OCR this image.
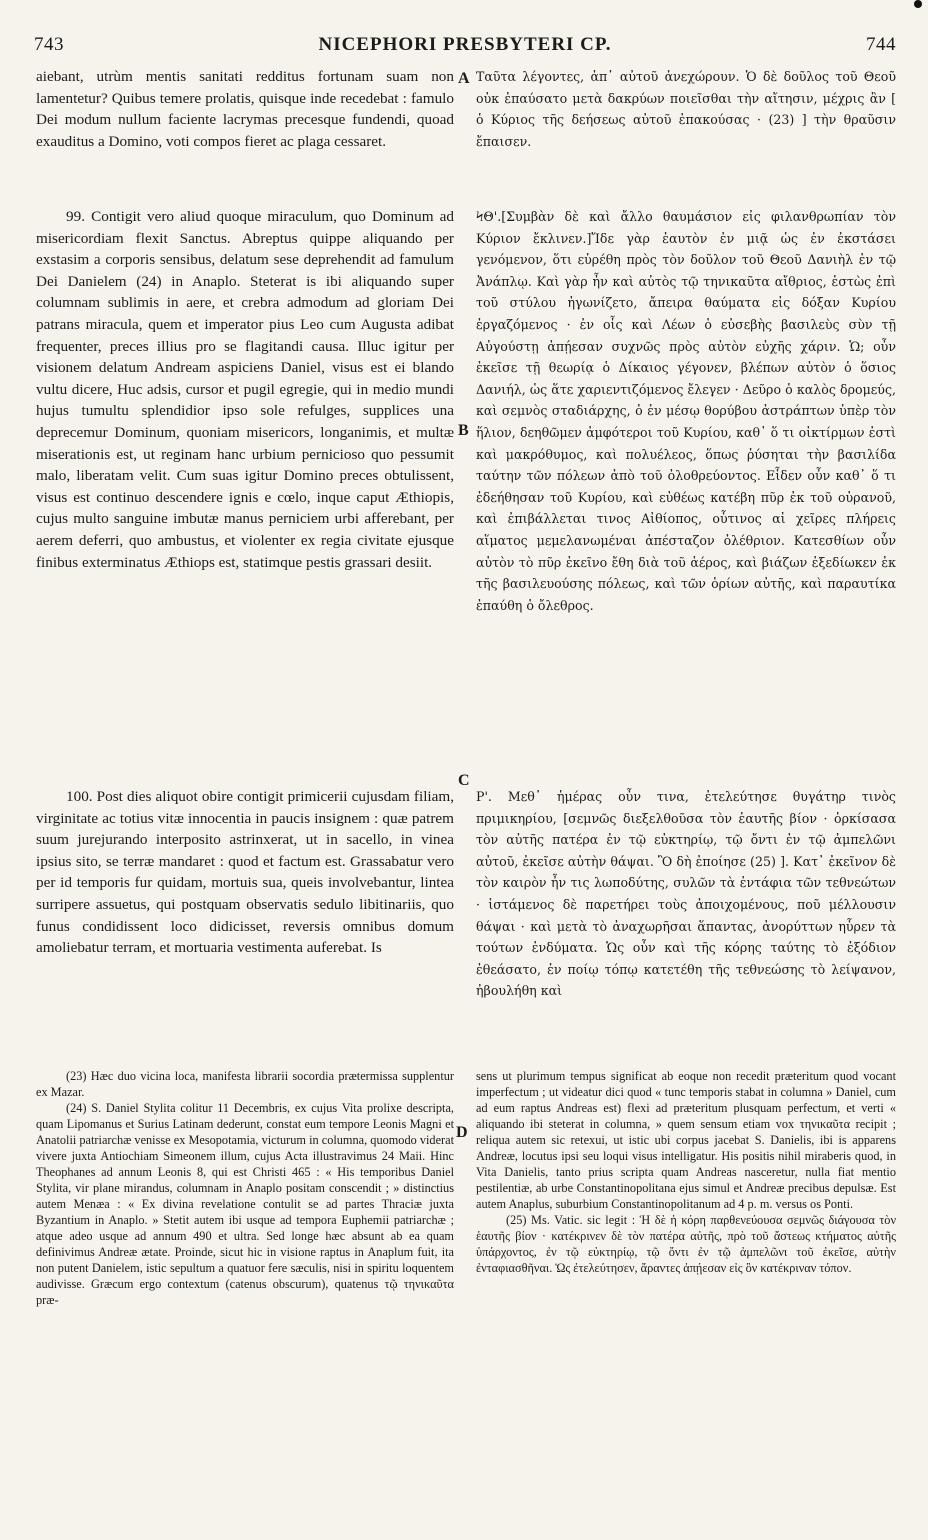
743	NICEPHORI PRESBYTERI CP.	744

aiebant, utrùm mentis sanitati redditus fortunam suam non lamentetur? Quibus temere prolatis, quisque inde recedebat : famulo Dei modum nullum faciente lacrymas precesque fundendi, quoad exauditus a Domino, voti compos fieret ac plaga cessaret.

99. Contigit vero aliud quoque miraculum, quo Dominum ad misericordiam flexit Sanctus. Abreptus quippe aliquando per exstasim a corporis sensibus, delatum sese deprehendit ad famulum Dei Danielem (24) in Anaplo. Steterat is ibi aliquando super columnam sublimis in aere, et crebra admodum ad gloriam Dei patrans miracula, quem et imperator pius Leo cum Augusta adibat frequenter, preces illius pro se flagitandi causa. Illuc igitur per visionem delatum Andream aspiciens Daniel, visus est ei blando vultu dicere, Huc adsis, cursor et pugil egregie, qui in medio mundi hujus tumultu splendidior ipso sole refulges, supplices una deprecemur Dominum, quoniam misericors, longanimis, et multæ miserationis est, ut reginam hanc urbium pernicioso quo pessumit malo, liberatam velit. Cum suas igitur Domino preces obtulissent, visus est continuo descendere ignis e cœlo, inque caput Æthiopis, cujus multo sanguine imbutæ manus perniciem urbi afferebant, per aerem deferri, quo ambustus, et violenter ex regia civitate ejusque finibus exterminatus Æthiops est, statimque pestis grassari desiit.

100. Post dies aliquot obire contigit primicerii cujusdam filiam, virginitate ac totius vitæ innocentia in paucis insignem : quæ patrem suum jurejurando interposito astrinxerat, ut in sacello, in vinea ipsius sito, se terræ mandaret : quod et factum est. Grassabatur vero per id temporis fur quidam, mortuis sua, queis involvebantur, lintea surripere assuetus, qui postquam observatis sedulo libitinariis, quo funus condidissent loco didicisset, reversis omnibus domum amoliebatur terram, et mortuaria vestimenta auferebat. Is

A
B
C
D

Ταῦτα λέγοντες, ἀπ᾽ αὐτοῦ ἀνεχώρουν. Ὁ δὲ δοῦλος τοῦ Θεοῦ οὐκ ἐπαύσατο μετὰ δακρύων ποιεῖσθαι τὴν αἴτησιν, μέχρις ἂν [ ὁ Κύριος τῆς δεήσεως αὐτοῦ ἐπακούσας · (23) ] τὴν θραῦσιν ἔπαισεν.

ϞΘ'.[Συμβὰν δὲ καὶ ἄλλο θαυμάσιον εἰς φιλανθρωπίαν τὸν Κύριον ἔκλινεν.]Ἴδε γὰρ ἑαυτὸν ἐν μιᾷ ὡς ἐν ἐκστάσει γενόμενον, ὅτι εὑρέθη πρὸς τὸν δοῦλον τοῦ Θεοῦ Δανιὴλ ἐν τῷ Ἀνάπλῳ. Καὶ γὰρ ἦν καὶ αὐτὸς τῷ τηνικαῦτα αἴθριος, ἑστὼς ἐπὶ τοῦ στύλου ἠγωνίζετο, ἄπειρα θαύματα εἰς δόξαν Κυρίου ἐργαζόμενος · ἐν οἷς καὶ Λέων ὁ εὐσεβὴς βασιλεὺς σὺν τῇ Αὐγούστῃ ἀπῄεσαν συχνῶς πρὸς αὐτὸν εὐχῆς χάριν. Ὡ; οὖν ἐκεῖσε τῇ θεωρίᾳ ὁ Δίκαιος γέγονεν, βλέπων αὐτὸν ὁ ὅσιος Δανιήλ, ὡς ἅτε χαριεντιζόμενος ἔλεγεν · Δεῦρο ὁ καλὸς δρομεύς, καὶ σεμνὸς σταδιάρχης, ὁ ἐν μέσῳ θορύβου ἀστράπτων ὑπὲρ τὸν ἥλιον, δεηθῶμεν ἀμφότεροι τοῦ Κυρίου, καθ᾽ ὅ τι οἰκτίρμων ἐστὶ καὶ μακρόθυμος, καὶ πολυέλεος, ὅπως ῥύσηται τὴν βασιλίδα ταύτην τῶν πόλεων ἀπὸ τοῦ ὀλοθρεύοντος. Εἶδεν οὖν καθ᾽ ὅ τι ἐδεήθησαν τοῦ Κυρίου, καὶ εὐθέως κατέβη πῦρ ἐκ τοῦ οὐρανοῦ, καὶ ἐπιβάλλεται τινος Αἰθίοπος, οὗτινος αἱ χεῖρες πλήρεις αἵματος μεμελανωμέναι ἀπέσταζον ὀλέθριον. Κατεσθίων οὖν αὐτὸν τὸ πῦρ ἐκεῖνο ἔθη διὰ τοῦ ἀέρος, καὶ βιάζων ἐξεδίωκεν ἐκ τῆς βασιλευούσης πόλεως, καὶ τῶν ὁρίων αὐτῆς, καὶ παραυτίκα ἐπαύθη ὁ ὄλεθρος.

Ρ'. Μεθ᾽ ἡμέρας οὖν τινα, ἐτελεύτησε θυγάτηρ τινὸς πριμικηρίου, [σεμνῶς διεξελθοῦσα τὸν ἑαυτῆς βίον · ὁρκίσασα τὸν αὐτῆς πατέρα ἐν τῷ εὐκτηρίῳ, τῷ ὄντι ἐν τῷ ἀμπελῶνι αὐτοῦ, ἐκεῖσε αὐτὴν θάψαι. Ὃ δὴ ἐποίησε (25) ]. Κατ᾽ ἐκεῖνον δὲ τὸν καιρὸν ἦν τις λωποδύτης, συλῶν τὰ ἐντάφια τῶν τεθνεώτων · ἱστάμενος δὲ παρετήρει τοὺς ἀποιχομένους, ποῦ μέλλουσιν θάψαι · καὶ μετὰ τὸ ἀναχωρῆσαι ἅπαντας, ἀνορύττων ηὗρεν τὰ τούτων ἐνδύματα. Ὡς οὖν καὶ τῆς κόρης ταύτης τὸ ἐξόδιον ἐθεάσατο, ἐν ποίῳ τόπῳ κατετέθη τῆς τεθνεώσης τὸ λείψανον, ἠβουλήθη καὶ

(23) Hæc duo vicina loca, manifesta librarii socordia prætermissa supplentur ex Mazar.

(24) S. Daniel Stylita colitur 11 Decembris, ex cujus Vita prolixe descripta, quam Lipomanus et Surius Latinam dederunt, constat eum tempore Leonis Magni et Anatolii patriarchæ venisse ex Mesopotamia, victurum in columna, quomodo viderat vivere juxta Antiochiam Simeonem illum, cujus Acta illustravimus 24 Maii. Hinc Theophanes ad annum Leonis 8, qui est Christi 465 : « His temporibus Daniel Stylita, vir plane mirandus, columnam in Anaplo positam conscendit ; » distinctius autem Menæa : « Ex divina revelatione contulit se ad partes Thraciæ juxta Byzantium in Anaplo. » Stetit autem ibi usque ad tempora Euphemii patriarchæ ; atque adeo usque ad annum 490 et ultra. Sed longe hæc absunt ab ea quam definivimus Andreæ ætate. Proinde, sicut hic in visione raptus in Anaplum fuit, ita non putent Danielem, istic sepultum a quatuor fere sæculis, nisi in spiritu loquentem audivisse. Græcum ergo contextum (catenus obscurum), quatenus τῷ τηνικαῦτα præ-

sens ut plurimum tempus significat ab eoque non recedit præteritum quod vocant imperfectum ; ut videatur dici quod « tunc temporis stabat in columna » Daniel, cum ad eum raptus Andreas est) flexi ad præteritum plusquam perfectum, et verti « aliquando ibi steterat in columna, » quem sensum etiam vox τηνικαῦτα recipit ; reliqua autem sic retexui, ut istic ubi corpus jacebat S. Danielis, ibi is apparens Andreæ, locutus ipsi seu loqui visus intelligatur. His positis nihil miraberis quod, in Vita Danielis, tanto prius scripta quam Andreas nasceretur, nulla fiat mentio pestilentiæ, ab urbe Constantinopolitana ejus simul et Andreæ precibus depulsæ. Est autem Anaplus, suburbium Constantinopolitanum ad 4 p. m. versus os Ponti.

(25) Ms. Vatic. sic legit : Ἡ δὲ ἡ κόρη παρθενεύουσα σεμνῶς διάγουσα τὸν ἑαυτῆς βίον · κατέκρινεν δὲ τὸν πατέρα αὐτῆς, πρὸ τοῦ ἄστεως κτήματος αὐτῆς ὑπάρχοντος, ἐν τῷ εὐκτηρίῳ, τῷ ὄντι ἐν τῷ ἀμπελῶνι τοῦ ἐκεῖσε, αὐτὴν ἐνταφιασθῆναι. Ὡς ἐτελεύτησεν, ἄραντες ἀπῄεσαν εἰς ὃν κατέκριναν τόπον.
